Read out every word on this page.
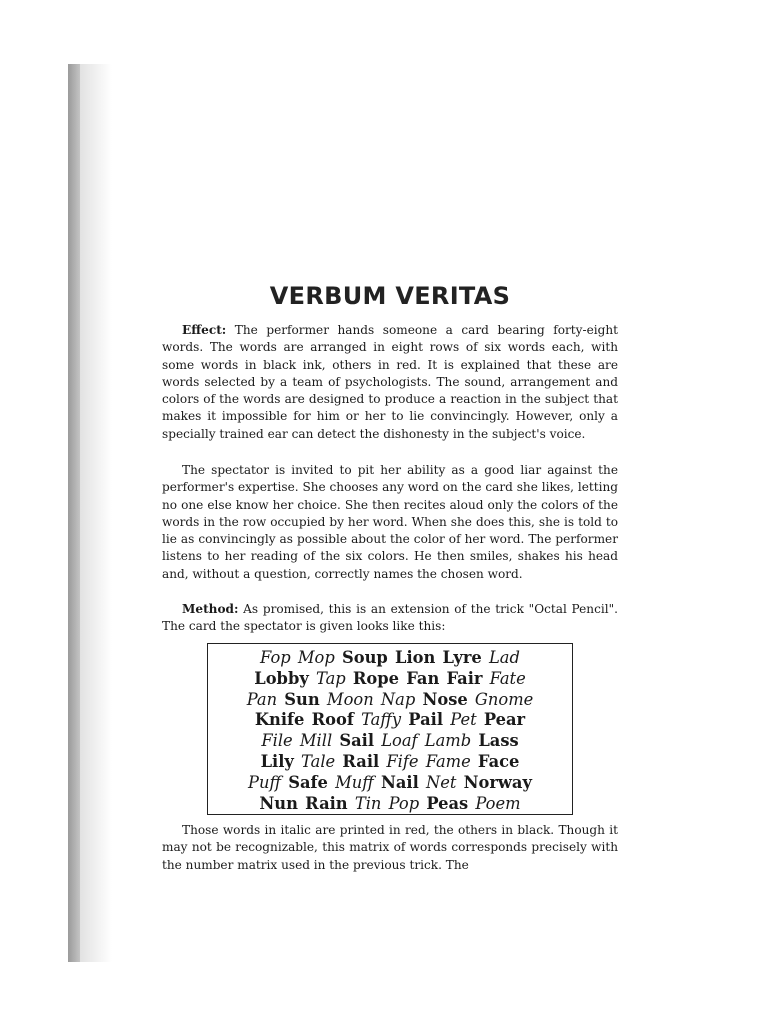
VERBUM VERITAS

Effect: The performer hands someone a card bearing forty-eight words. The words are arranged in eight rows of six words each, with some words in black ink, others in red. It is explained that these are words selected by a team of psychologists. The sound, arrangement and colors of the words are designed to produce a reaction in the subject that makes it impossible for him or her to lie convincingly. However, only a specially trained ear can detect the dishonesty in the subject's voice.

The spectator is invited to pit her ability as a good liar against the performer's expertise. She chooses any word on the card she likes, letting no one else know her choice. She then recites aloud only the colors of the words in the row occupied by her word. When she does this, she is told to lie as convincingly as possible about the color of her word. The performer listens to her reading of the six colors. He then smiles, shakes his head and, without a question, correctly names the chosen word.

Method: As promised, this is an extension of the trick "Octal Pencil". The card the spectator is given looks like this:

Fop Mop Soup Lion Lyre Lad
Lobby Tap Rope Fan Fair Fate
Pan Sun Moon Nap Nose Gnome
Knife Roof Taffy Pail Pet Pear
File Mill Sail Loaf Lamb Lass
Lily Tale Rail Fife Fame Face
Puff Safe Muff Nail Net Norway
Nun Rain Tin Pop Peas Poem

Those words in italic are printed in red, the others in black. Though it may not be recognizable, this matrix of words corresponds precisely with the number matrix used in the previous trick. The
